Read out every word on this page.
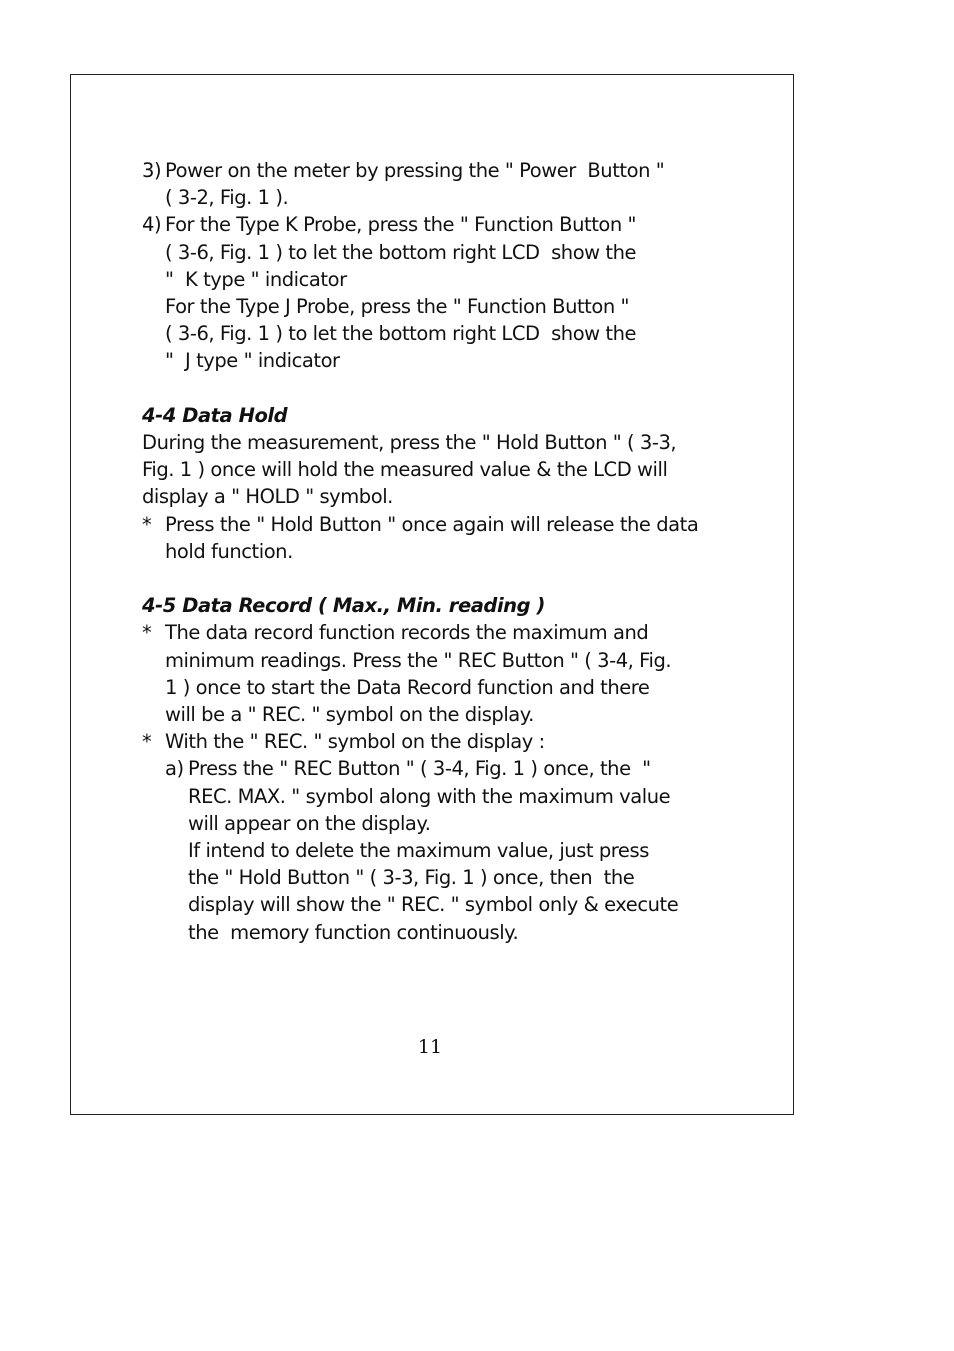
3) Power on the meter by pressing the " Power  Button "
( 3-2, Fig. 1 ).
4) For the Type K Probe, press the " Function Button "
( 3-6, Fig. 1 ) to let the bottom right LCD  show the
"  K type " indicator
For the Type J Probe, press the " Function Button "
( 3-6, Fig. 1 ) to let the bottom right LCD  show the
"  J type " indicator
4-4 Data Hold
During the measurement, press the " Hold Button " ( 3-3,
Fig. 1 ) once will hold the measured value & the LCD will
display a " HOLD " symbol.
* Press the " Hold Button " once again will release the data
hold function.
4-5 Data Record ( Max., Min. reading )
* The data record function records the maximum and
minimum readings. Press the " REC Button " ( 3-4, Fig.
1 ) once to start the Data Record function and there
will be a " REC. " symbol on the display.
* With the " REC. " symbol on the display :
a) Press the " REC Button " ( 3-4, Fig. 1 ) once, the  "
REC. MAX. " symbol along with the maximum value
will appear on the display.
If intend to delete the maximum value, just press
the " Hold Button " ( 3-3, Fig. 1 ) once, then  the
display will show the " REC. " symbol only & execute
the  memory function continuously.
11
